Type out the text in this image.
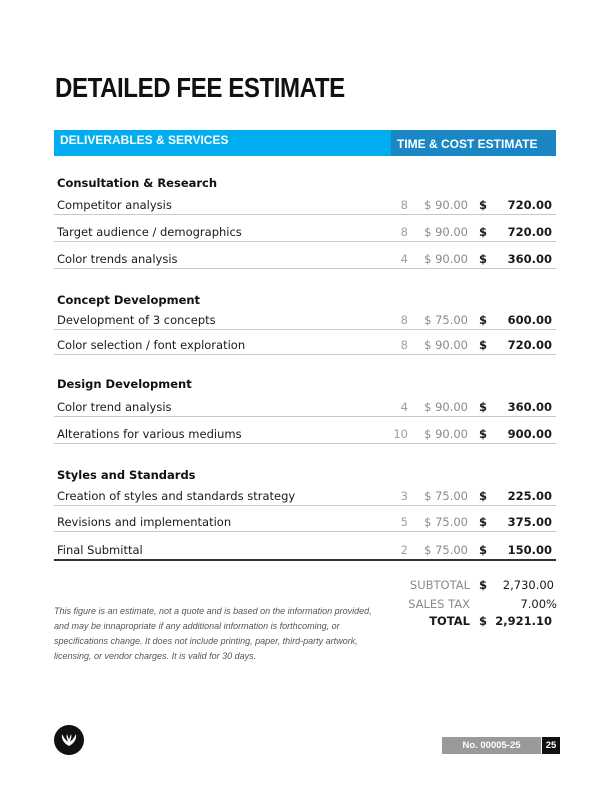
DETAILED FEE ESTIMATE
DELIVERABLES & SERVICES	TIME & COST ESTIMATE
Consultation & Research
Competitor analysis	8 $ 90.00 $ 720.00
Target audience / demographics	8 $ 90.00 $ 720.00
Color trends analysis	4 $ 90.00 $ 360.00
Concept Development
Development of 3 concepts	8 $ 75.00 $ 600.00
Color selection / font exploration	8 $ 90.00 $ 720.00
Design Development
Color trend analysis	4 $ 90.00 $ 360.00
Alterations for various mediums	10 $ 90.00 $ 900.00
Styles and Standards
Creation of styles and standards strategy	3 $ 75.00 $ 225.00
Revisions and implementation	5 $ 75.00 $ 375.00
Final Submittal	2 $ 75.00 $ 150.00
SUBTOTAL $	2,730.00
SALES TAX	7.00%
TOTAL $ 2,921.10
This figure is an estimate, not a quote and is based on the information provided, and may be innapropriate if any additional information is forthcoming, or specifications change. It does not include printing, paper, third-party artwork, licensing, or vendor charges. It is valid for 30 days.
No. 00005-25	25
